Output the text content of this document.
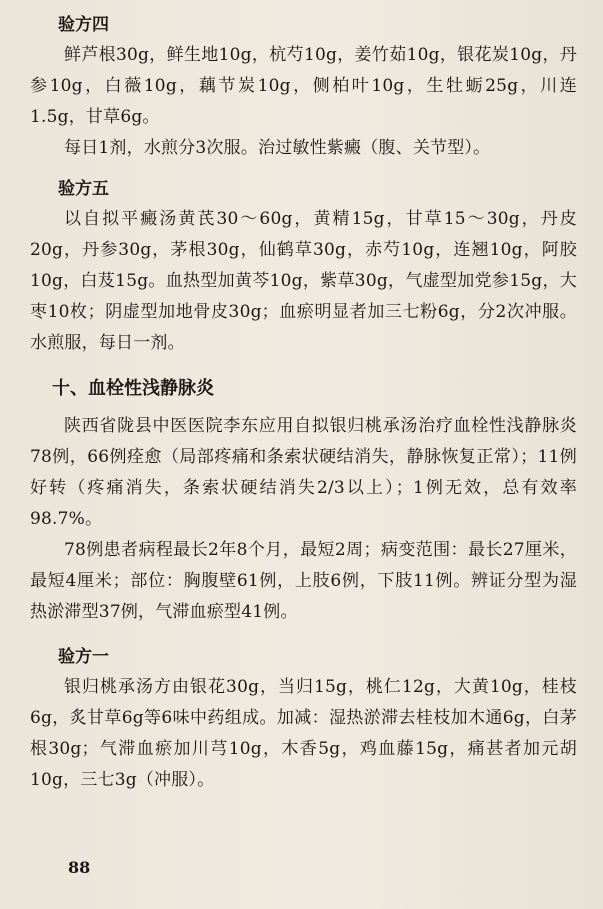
验方四

鲜芦根30g，鲜生地10g，杭芍10g，姜竹茹10g，银花炭10g，丹参10g，白薇10g，藕节炭10g，侧柏叶10g，生牡蛎25g，川连1.5g，甘草6g。

每日1剂，水煎分3次服。治过敏性紫癜（腹、关节型）。

验方五

以自拟平癜汤黄芪30～60g，黄精15g，甘草15～30g，丹皮20g，丹参30g，茅根30g，仙鹤草30g，赤芍10g，连翘10g，阿胶10g，白芨15g。血热型加黄芩10g，紫草30g，气虚型加党参15g，大枣10枚；阴虚型加地骨皮30g；血瘀明显者加三七粉6g，分2次冲服。水煎服，每日一剂。

十、血栓性浅静脉炎

陕西省陇县中医医院李东应用自拟银归桃承汤治疗血栓性浅静脉炎78例，66例痊愈（局部疼痛和条索状硬结消失，静脉恢复正常）；11例好转（疼痛消失，条索状硬结消失2/3以上）；1例无效，总有效率98.7%。

78例患者病程最长2年8个月，最短2周；病变范围：最长27厘米，最短4厘米；部位：胸腹壁61例，上肢6例，下肢11例。辨证分型为湿热淤滞型37例，气滞血瘀型41例。

验方一

银归桃承汤方由银花30g，当归15g，桃仁12g，大黄10g，桂枝6g，炙甘草6g等6味中药组成。加减：湿热淤滞去桂枝加木通6g，白茅根30g；气滞血瘀加川芎10g，木香5g，鸡血藤15g，痛甚者加元胡10g，三七3g（冲服）。

88
